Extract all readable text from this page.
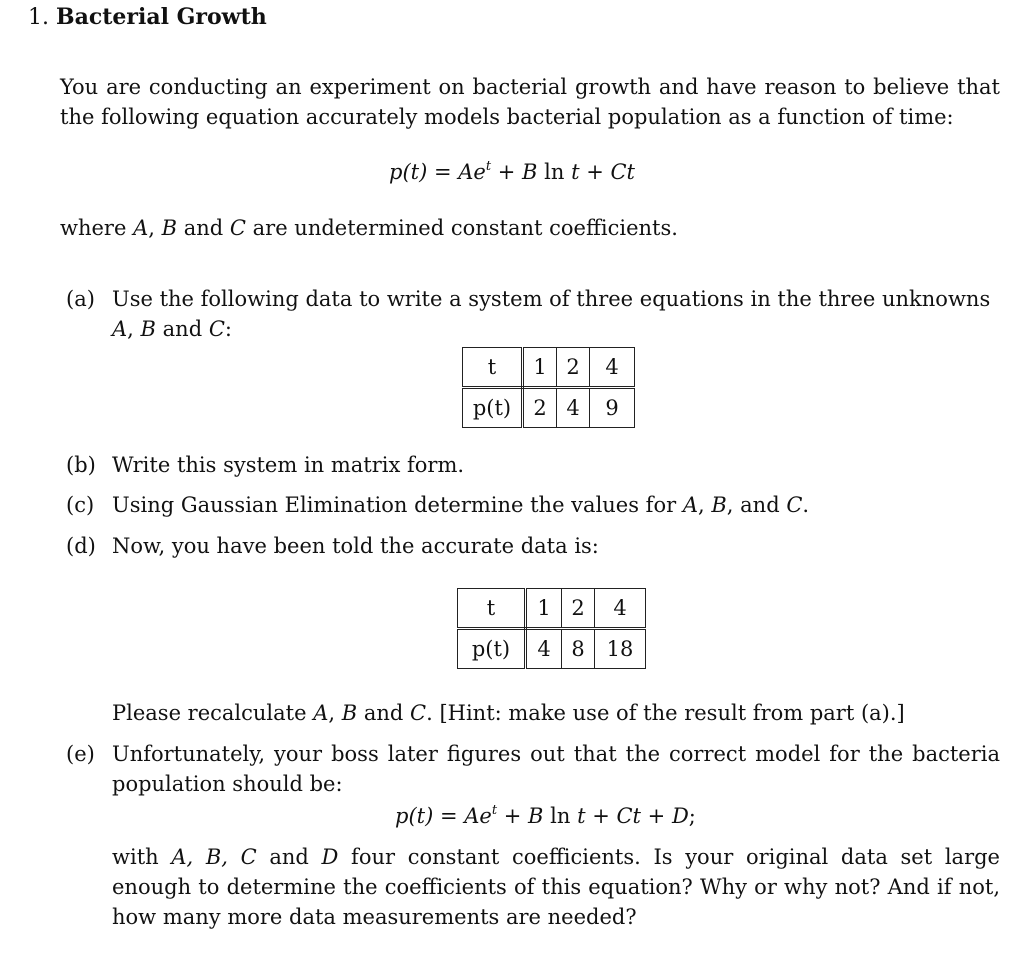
1. Bacterial Growth
You are conducting an experiment on bacterial growth and have reason to believe that the following equation accurately models bacterial population as a function of time:
$p(t) = Ae^t + B$ ln t + Ct
where A, B and C are undetermined constant coefficients.
(a) Use the following data to write a system of three equations in the three unknowns
A, B and C:
t	1	2	4
p(t)	2	4	9
(b) Write this system in matrix form.
(c) Using Gaussian Elimination determine the values for A, B, and C.
(d) Now, you have been told the accurate data is:
t	1	2	4
p(t)	4	8	18
Please recalculate A, B and C. [Hint: make use of the result from part (a).]
(e) Unfortunately, your boss later figures out that the correct model for the bacteria population should be:
$p(t) = Ae^t + B$ ln t + Ct + D;
with A, B, C and D four constant coefficients. Is your original data set large enough to determine the coefficients of this equation? Why or why not? And if not, how many more data measurements are needed?
